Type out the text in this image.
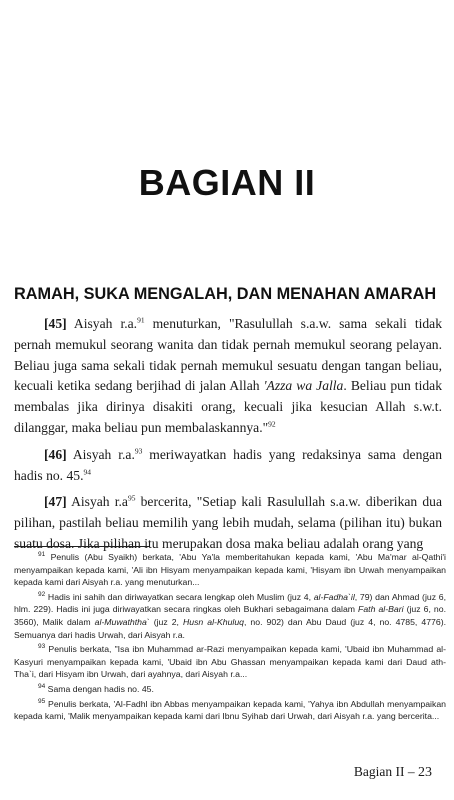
BAGIAN II
RAMAH, SUKA MENGALAH, DAN MENAHAN AMARAH

[45] Aisyah r.a.$^{91}$ menuturkan, "Rasulullah s.a.w. sama sekali tidak pernah memukul seorang wanita dan tidak pernah memukul seorang pelayan. Beliau juga sama sekali tidak pernah memukul sesuatu dengan tangan beliau, kecuali ketika sedang berjihad di jalan Allah 'Azza wa Jalla. Beliau pun tidak membalas jika dirinya disakiti orang, kecuali jika kesucian Allah s.w.t. dilanggar, maka beliau pun membalaskannya."$^{92}$

[46] Aisyah r.a.$^{93}$ meriwayatkan hadis yang redaksinya sama dengan hadis no. 45.94

[47] Aisyah r.a$^{95}$ bercerita, "Setiap kali Rasulullah s.a.w. diberikan dua pilihan, pastilah beliau memilih yang lebih mudah, selama (pilihan itu) bukan suatu dosa. Jika pilihan itu merupakan dosa maka beliau adalah orang yang

$^{91}$ Penulis (Abu Syaikh) berkata, 'Abu Ya'la memberitahukan kepada kami, 'Abu Ma'mar al-Qathi'i menyampaikan kepada kami, 'Ali ibn Hisyam menyampaikan kepada kami, 'Hisyam ibn Urwah menyampaikan kepada kami dari Aisyah r.a. yang menuturkan...
$^{92}$ Hadis ini sahih dan diriwayatkan secara lengkap oleh Muslim (juz 4, al-Fadha`il, 79) dan Ahmad (juz 6, hlm. 229). Hadis ini juga diriwayatkan secara ringkas oleh Bukhari sebagaimana dalam Fath al-Bari (juz 6, no. 3560), Malik dalam al-Muwaththa` (juz 2, Husn al-Khuluq, no. 902) dan Abu Daud (juz 4, no. 4785, 4776). Semuanya dari hadis Urwah, dari Aisyah r.a.
$^{93}$ Penulis berkata, "Isa ibn Muhammad ar-Razi menyampaikan kepada kami, 'Ubaid ibn Muhammad al-Kasyuri menyampaikan kepada kami, 'Ubaid ibn Abu Ghassan menyampaikan kepada kami dari Daud ath-Tha`i, dari Hisyam ibn Urwah, dari ayahnya, dari Aisyah r.a...
$^{94}$ Sama dengan hadis no. 45.
$^{95}$ Penulis berkata, 'Al-Fadhl ibn Abbas menyampaikan kepada kami, 'Yahya ibn Abdullah menyampaikan kepada kami, 'Malik menyampaikan kepada kami dari Ibnu Syihab dari Urwah, dari Aisyah r.a. yang bercerita...
Bagian II – 23
